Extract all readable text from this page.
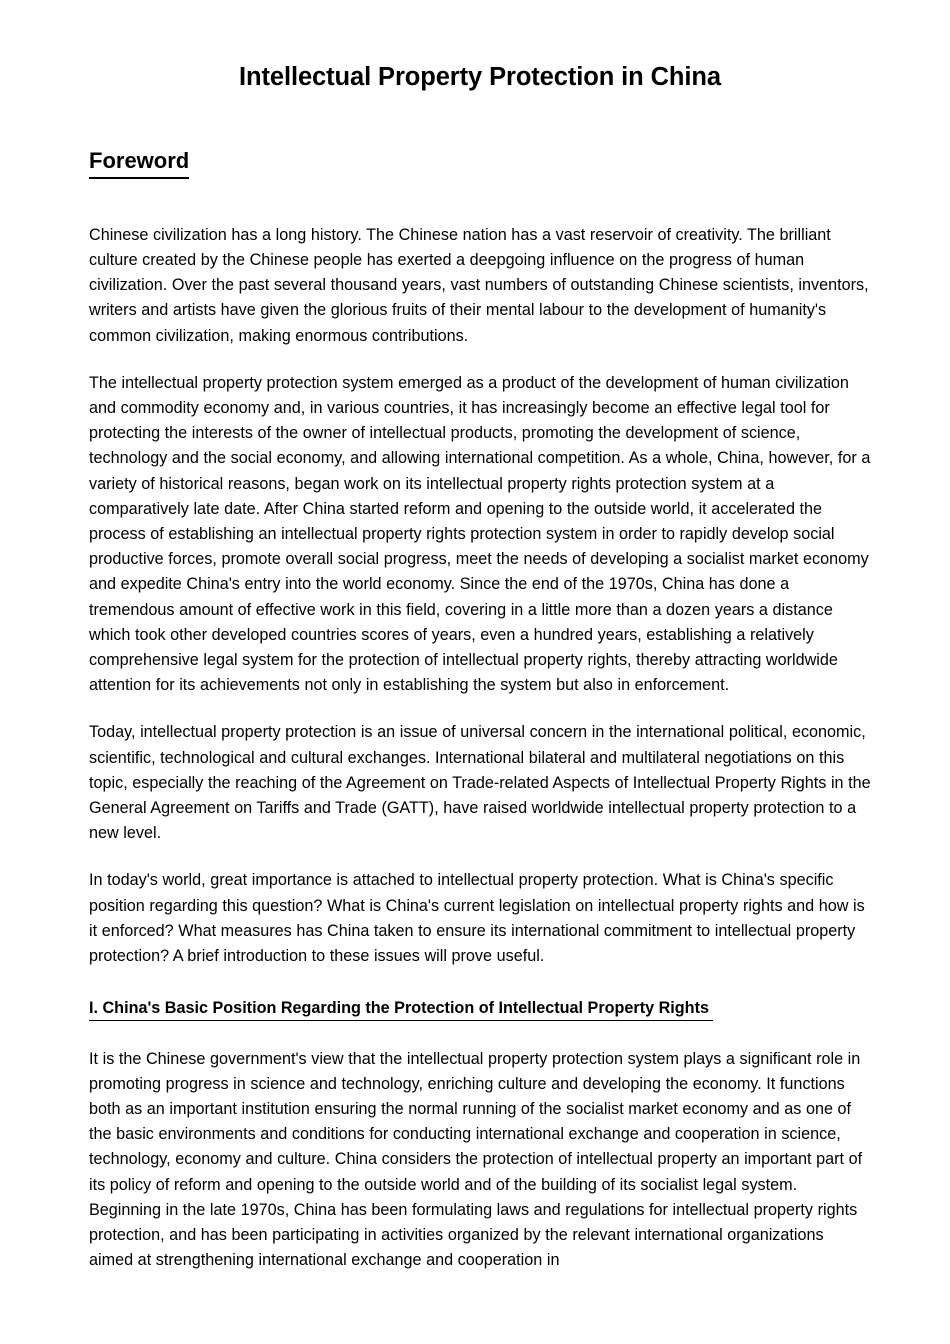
Intellectual Property Protection in China
Foreword

Chinese civilization has a long history. The Chinese nation has a vast reservoir of creativity. The brilliant culture created by the Chinese people has exerted a deepgoing influence on the progress of human civilization. Over the past several thousand years, vast numbers of outstanding Chinese scientists, inventors, writers and artists have given the glorious fruits of their mental labour to the development of humanity's common civilization, making enormous contributions.

The intellectual property protection system emerged as a product of the development of human civilization and commodity economy and, in various countries, it has increasingly become an effective legal tool for protecting the interests of the owner of intellectual products, promoting the development of science, technology and the social economy, and allowing international competition. As a whole, China, however, for a variety of historical reasons, began work on its intellectual property rights protection system at a comparatively late date. After China started reform and opening to the outside world, it accelerated the process of establishing an intellectual property rights protection system in order to rapidly develop social productive forces, promote overall social progress, meet the needs of developing a socialist market economy and expedite China's entry into the world economy. Since the end of the 1970s, China has done a tremendous amount of effective work in this field, covering in a little more than a dozen years a distance which took other developed countries scores of years, even a hundred years, establishing a relatively comprehensive legal system for the protection of intellectual property rights, thereby attracting worldwide attention for its achievements not only in establishing the system but also in enforcement.

Today, intellectual property protection is an issue of universal concern in the international political, economic, scientific, technological and cultural exchanges. International bilateral and multilateral negotiations on this topic, especially the reaching of the Agreement on Trade-related Aspects of Intellectual Property Rights in the General Agreement on Tariffs and Trade (GATT), have raised worldwide intellectual property protection to a new level.

In today's world, great importance is attached to intellectual property protection. What is China's specific position regarding this question? What is China's current legislation on intellectual property rights and how is it enforced? What measures has China taken to ensure its international commitment to intellectual property protection? A brief introduction to these issues will prove useful.

I. China's Basic Position Regarding the Protection of Intellectual Property Rights

It is the Chinese government's view that the intellectual property protection system plays a significant role in promoting progress in science and technology, enriching culture and developing the economy. It functions both as an important institution ensuring the normal running of the socialist market economy and as one of the basic environments and conditions for conducting international exchange and cooperation in science, technology, economy and culture. China considers the protection of intellectual property an important part of its policy of reform and opening to the outside world and of the building of its socialist legal system. Beginning in the late 1970s, China has been formulating laws and regulations for intellectual property rights protection, and has been participating in activities organized by the relevant international organizations aimed at strengthening international exchange and cooperation in
